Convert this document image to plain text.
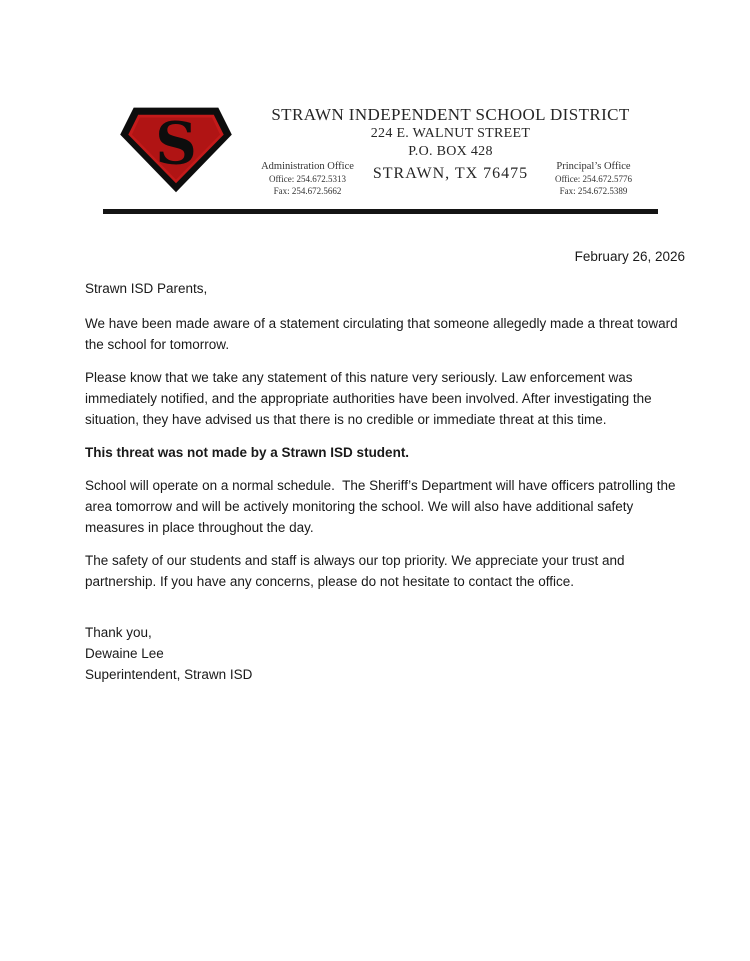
S	STRAWN INDEPENDENT SCHOOL DISTRICT
224 E. WALNUT STREET
P.O. BOX 428
STRAWN, TX 76475
Administration Office
Office: 254.672.5313
Fax: 254.672.5662
Principal’s Office
Office: 254.672.5776
Fax: 254.672.5389
February 26, 2026
Strawn ISD Parents,

We have been made aware of a statement circulating that someone allegedly made a threat toward the school for tomorrow.

Please know that we take any statement of this nature very seriously. Law enforcement was immediately notified, and the appropriate authorities have been involved. After investigating the situation, they have advised us that there is no credible or immediate threat at this time.

This threat was not made by a Strawn ISD student.

School will operate on a normal schedule.  The Sheriff’s Department will have officers patrolling the area tomorrow and will be actively monitoring the school. We will also have additional safety measures in place throughout the day.

The safety of our students and staff is always our top priority. We appreciate your trust and partnership. If you have any concerns, please do not hesitate to contact the office.

Thank you,
Dewaine Lee
Superintendent, Strawn ISD
